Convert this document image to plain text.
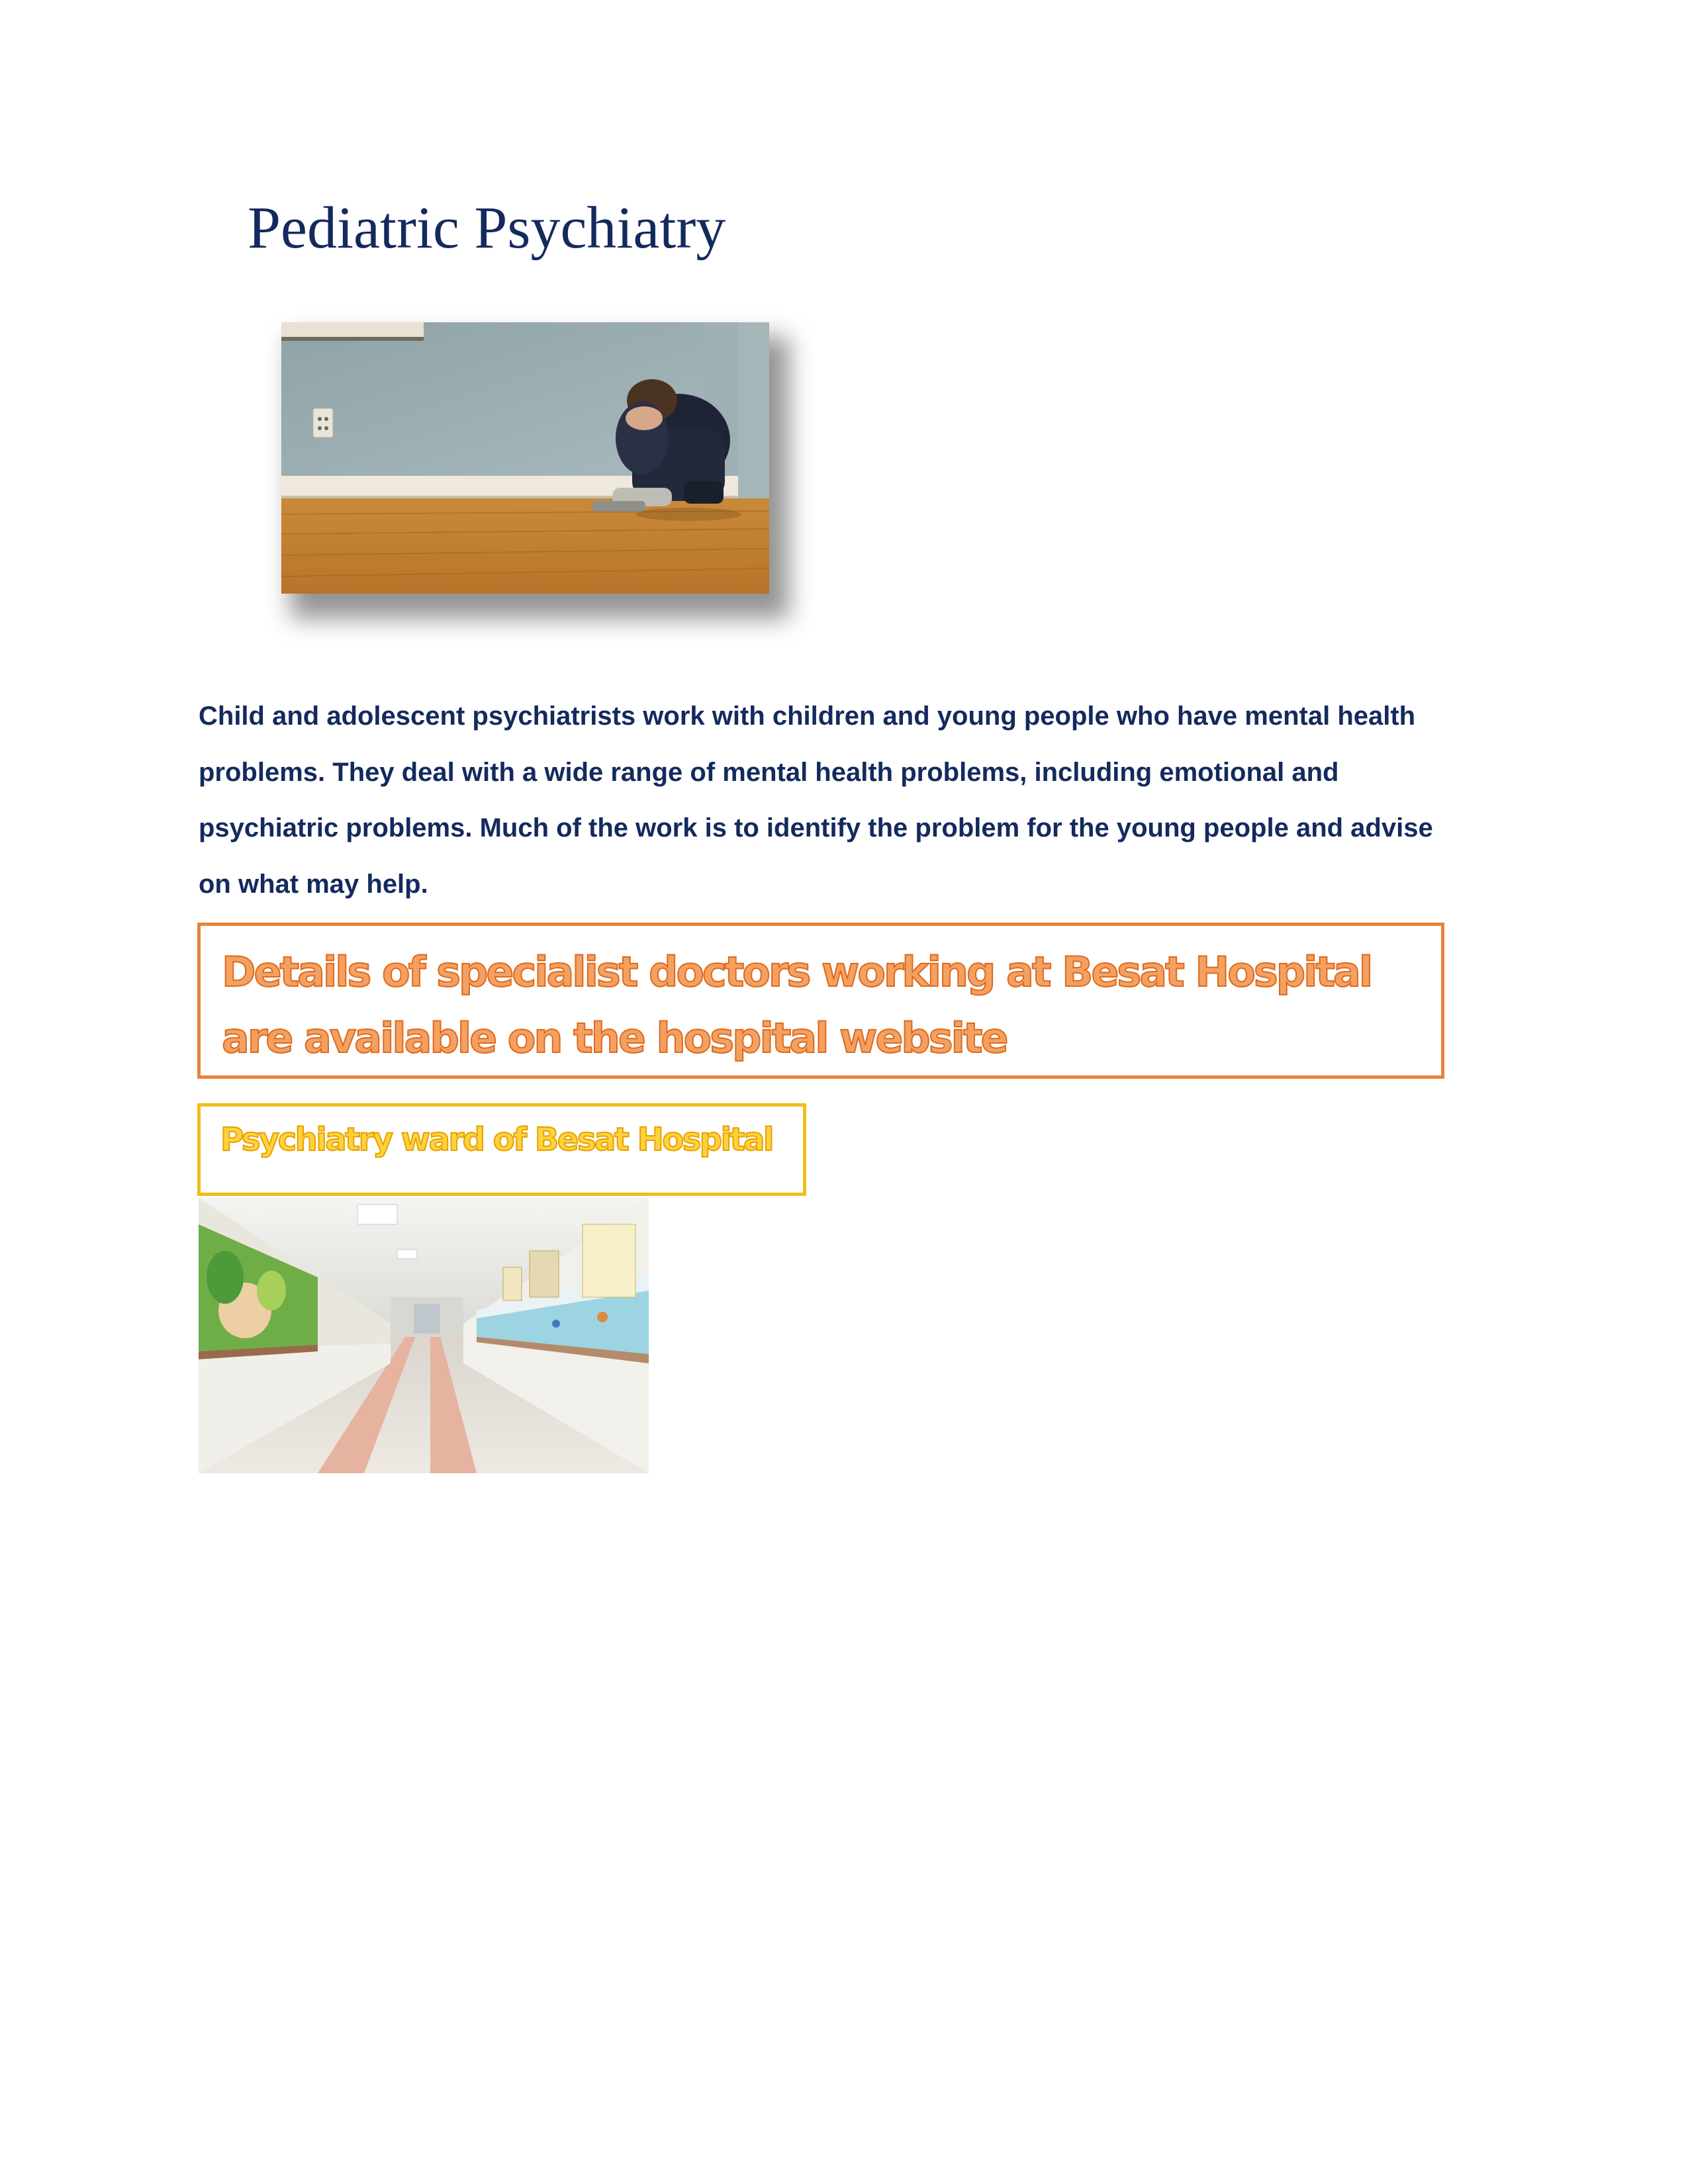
Pediatric Psychiatry

Child and adolescent psychiatrists work with children and young people who have mental health problems. They deal with a wide range of mental health problems, including emotional and psychiatric problems. Much of the work is to identify the problem for the young people and advise on what may help.

Details of specialist doctors working at Besat Hospital are available on the hospital website

Psychiatry ward of Besat Hospital
